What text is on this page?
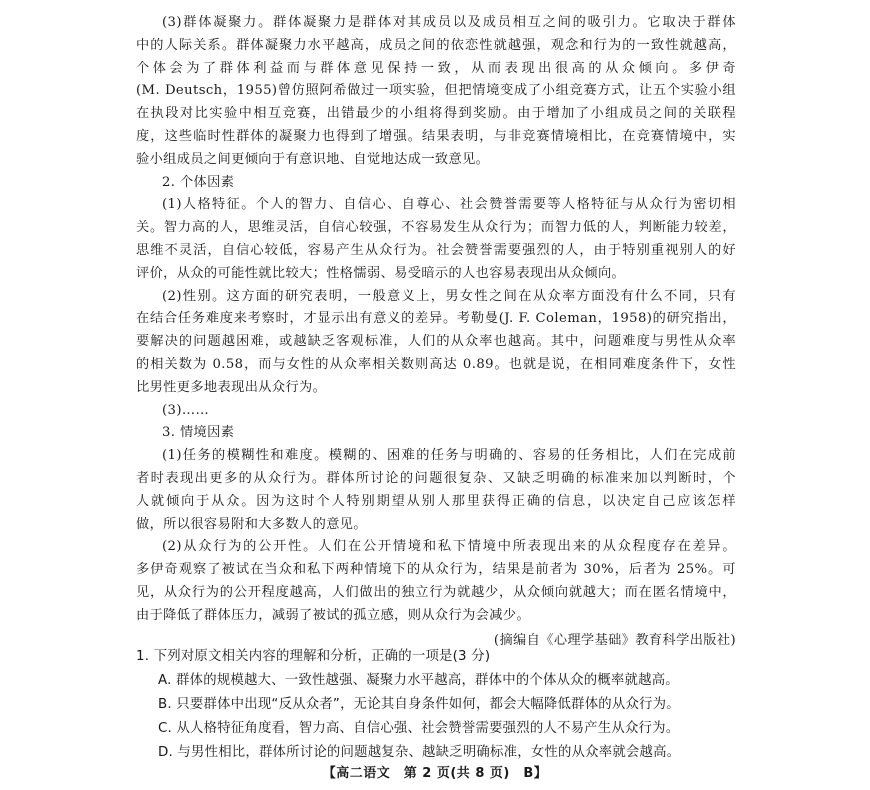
(3)群体凝聚力。群体凝聚力是群体对其成员以及成员相互之间的吸引力。它取决于群体
中的人际关系。群体凝聚力水平越高，成员之间的依恋性就越强，观念和行为的一致性就越高，
个体会为了群体利益而与群体意见保持一致，从而表现出很高的从众倾向。多伊奇
(M. Deutsch，1955)曾仿照阿希做过一项实验，但把情境变成了小组竞赛方式，让五个实验小组
在执段对比实验中相互竞赛，出错最少的小组将得到奖励。由于增加了小组成员之间的关联程
度，这些临时性群体的凝聚力也得到了增强。结果表明，与非竞赛情境相比，在竞赛情境中，实
验小组成员之间更倾向于有意识地、自觉地达成一致意见。
2. 个体因素
(1)人格特征。个人的智力、自信心、自尊心、社会赞誉需要等人格特征与从众行为密切相
关。智力高的人，思维灵活，自信心较强，不容易发生从众行为；而智力低的人，判断能力较差，
思维不灵活，自信心较低，容易产生从众行为。社会赞誉需要强烈的人，由于特别重视别人的好
评价，从众的可能性就比较大；性格懦弱、易受暗示的人也容易表现出从众倾向。
(2)性别。这方面的研究表明，一般意义上，男女性之间在从众率方面没有什么不同，只有
在结合任务难度来考察时，才显示出有意义的差异。考勒曼(J. F. Coleman，1958)的研究指出，
要解决的问题越困难，或越缺乏客观标准，人们的从众率也越高。其中，问题难度与男性从众率
的相关数为 0.58，而与女性的从众率相关数则高达 0.89。也就是说，在相同难度条件下，女性
比男性更多地表现出从众行为。
(3)……
3. 情境因素
(1)任务的模糊性和难度。模糊的、困难的任务与明确的、容易的任务相比，人们在完成前
者时表现出更多的从众行为。群体所讨论的问题很复杂、又缺乏明确的标准来加以判断时，个
人就倾向于从众。因为这时个人特别期望从别人那里获得正确的信息，以决定自己应该怎样
做，所以很容易附和大多数人的意见。
(2)从众行为的公开性。人们在公开情境和私下情境中所表现出来的从众程度存在差异。
多伊奇观察了被试在当众和私下两种情境下的从众行为，结果是前者为 30%，后者为 25%。可
见，从众行为的公开程度越高，人们做出的独立行为就越少，从众倾向就越大；而在匿名情境中，
由于降低了群体压力，减弱了被试的孤立感，则从众行为会减少。
(摘编自《心理学基础》教育科学出版社)
1. 下列对原文相关内容的理解和分析，正确的一项是(3 分)
A. 群体的规模越大、一致性越强、凝聚力水平越高，群体中的个体从众的概率就越高。
B. 只要群体中出现“反从众者”，无论其自身条件如何，都会大幅降低群体的从众行为。
C. 从人格特征角度看，智力高、自信心强、社会赞誉需要强烈的人不易产生从众行为。
D. 与男性相比，群体所讨论的问题越复杂、越缺乏明确标准，女性的从众率就会越高。
【高二语文　第 2 页(共 8 页)　B】
